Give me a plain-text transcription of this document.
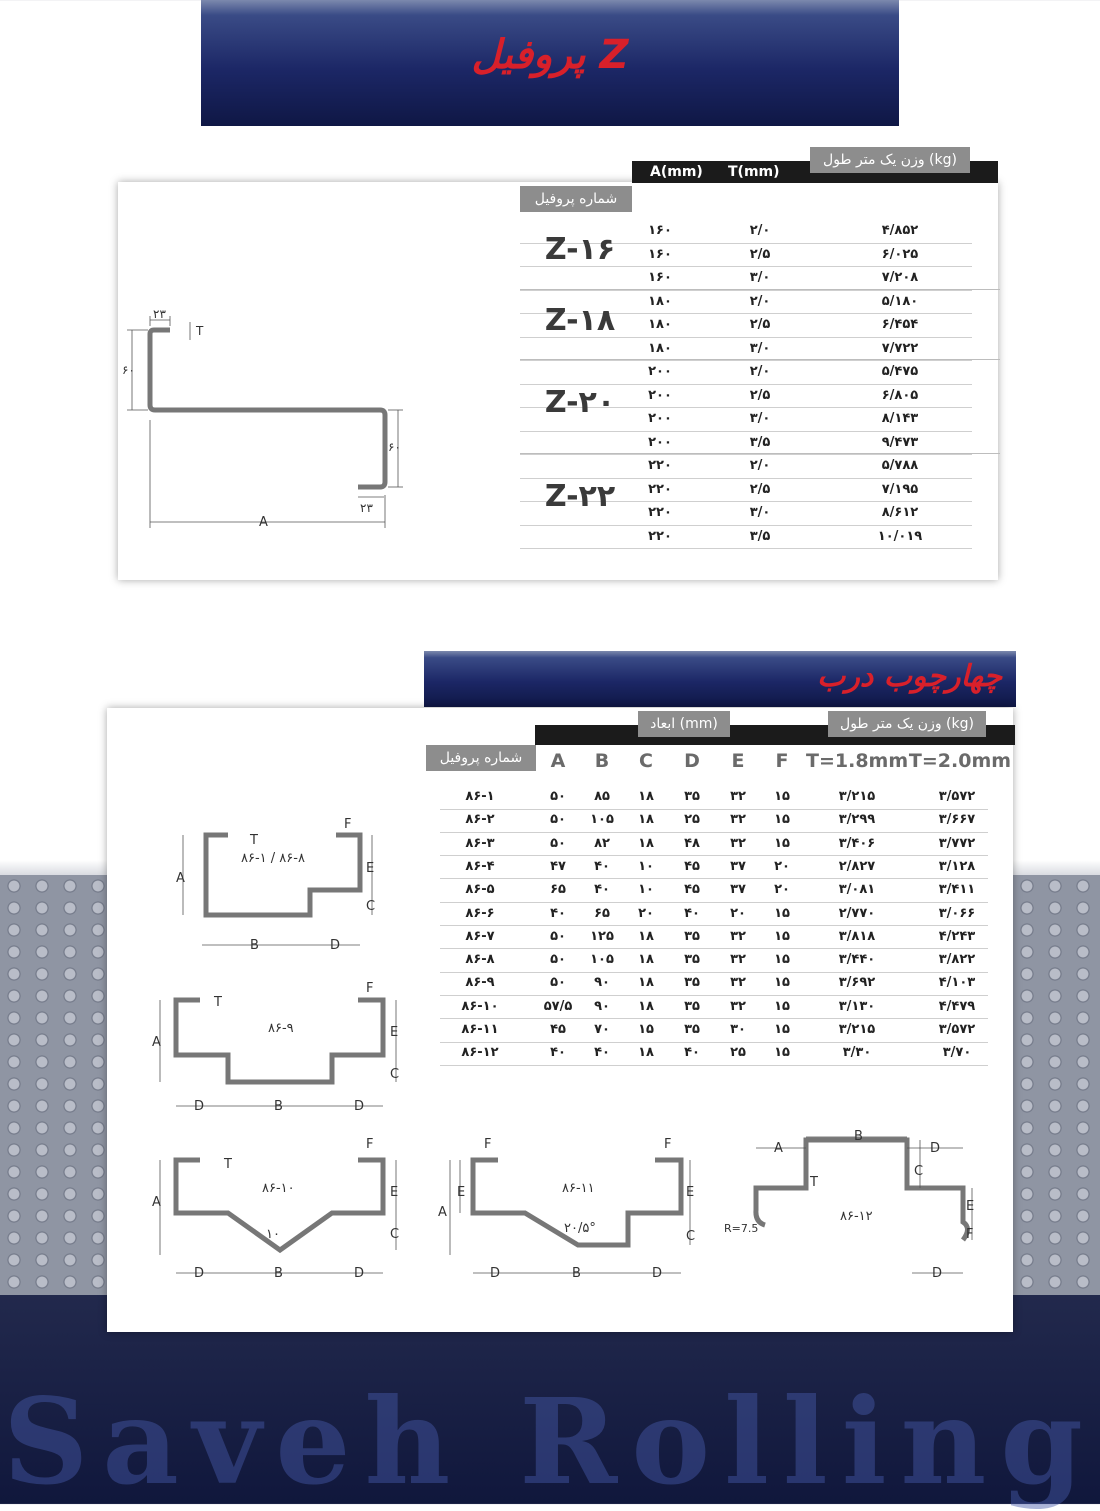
پروفیل Z
A(mm) T(mm)
وزن یک متر طول (kg)
شماره پروفیل
۱۶۰	۲/۰	۴/۸۵۲
۱۶۰	۲/۵	۶/۰۲۵
۱۶۰	۳/۰	۷/۲۰۸
Z-۱۶
۱۸۰	۲/۰	۵/۱۸۰
۱۸۰	۲/۵	۶/۴۵۴
۱۸۰	۳/۰	۷/۷۲۲
Z-۱۸
۲۰۰	۲/۰	۵/۴۷۵
۲۰۰	۲/۵	۶/۸۰۵
۲۰۰	۳/۰	۸/۱۴۳
۲۰۰	۳/۵	۹/۴۷۳
Z-۲۰
۲۲۰	۲/۰	۵/۷۸۸
۲۲۰	۲/۵	۷/۱۹۵
۲۲۰	۳/۰	۸/۶۱۲
۲۲۰	۳/۵	۱۰/۰۱۹
Z-۲۲
۲۳
T
۶۰
۶۰
۲۳
A
چهارچوب درب
ابعاد (mm)	وزن یک متر طول (kg)
شماره پروفیل	A	B	C	D	E	F T=1.8mm T=2.0mm
۸۶-۱	۵۰	۸۵	۱۸	۳۵	۳۲	۱۵	۳/۲۱۵	۳/۵۷۲
۸۶-۲	۵۰	۱۰۵	۱۸	۲۵	۳۲	۱۵	۳/۲۹۹	۳/۶۶۷
۸۶-۳	۵۰	۸۲	۱۸	۴۸	۳۲	۱۵	۳/۴۰۶	۳/۷۷۲
۸۶-۴	۴۷	۴۰	۱۰	۴۵	۳۷	۲۰	۲/۸۲۷	۳/۱۲۸
۸۶-۵	۶۵	۴۰	۱۰	۴۵	۳۷	۲۰	۳/۰۸۱	۳/۴۱۱
۸۶-۶	۴۰	۶۵	۲۰	۴۰	۲۰	۱۵	۲/۷۷۰	۳/۰۶۶
۸۶-۷	۵۰	۱۲۵	۱۸	۳۵	۳۲	۱۵	۳/۸۱۸	۴/۲۴۳
۸۶-۸	۵۰	۱۰۵	۱۸	۳۵	۳۲	۱۵	۳/۴۴۰	۳/۸۲۲
۸۶-۹	۵۰	۹۰	۱۸	۳۵	۳۲	۱۵	۳/۶۹۲	۴/۱۰۳
۸۶-۱۰	۵۷/۵	۹۰	۱۸	۳۵	۳۲	۱۵	۳/۱۳۰	۴/۴۷۹
۸۶-۱۱	۴۵	۷۰	۱۵	۳۵	۳۰	۱۵	۳/۲۱۵	۳/۵۷۲
۸۶-۱۲	۴۰	۴۰	۱۸	۴۰	۲۵	۱۵	۳/۳۰	۳/۷۰
۸۶-۱ / ۸۶-۸
A
B	D
E
C
F
T
۸۶-۹
A
D	B	D
E
C
F
T
۸۶-۱۰
۱۰
A
D	B	D
E
C
F
T
۸۶-۱۱
۲۰/۵°
A
E
D	B	D
E
C
F	F
۸۶-۱۲
R=7.5
A
B
D
C
E
F
T
D
Saveh Rolling
